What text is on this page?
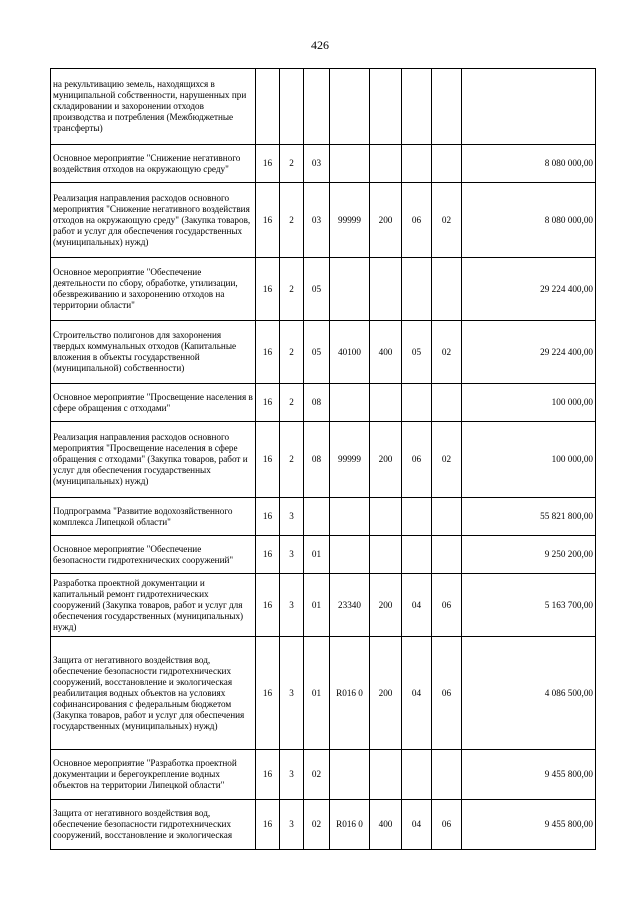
426
на рекультивацию земель, находящихся в муниципальной собственности, нарушенных при складировании и захоронении отходов производства и потребления (Межбюджетные трансферты)								
Основное мероприятие "Снижение негативного воздействия отходов на окружающую среду"	16	2	03					8 080 000,00
Реализация направления расходов основного мероприятия "Снижение негативного воздействия отходов на окружающую среду" (Закупка товаров, работ и услуг для обеспечения государственных (муниципальных) нужд)	16	2	03	99999	200	06	02	8 080 000,00
Основное мероприятие "Обеспечение деятельности по сбору, обработке, утилизации, обезвреживанию и захоронению отходов на территории области"	16	2	05					29 224 400,00
Строительство полигонов для захоронения твердых коммунальных отходов (Капитальные вложения в объекты государственной (муниципальной) собственности)	16	2	05	40100	400	05	02	29 224 400,00
Основное мероприятие "Просвещение населения в сфере обращения с отходами"	16	2	08					100 000,00
Реализация направления расходов основного мероприятия "Просвещение населения в сфере обращения с отходами" (Закупка товаров, работ и услуг для обеспечения государственных (муниципальных) нужд)	16	2	08	99999	200	06	02	100 000,00
Подпрограмма "Развитие водохозяйственного комплекса Липецкой области"	16	3						55 821 800,00
Основное мероприятие "Обеспечение безопасности гидротехнических сооружений"	16	3	01					9 250 200,00
Разработка проектной документации и капитальный ремонт гидротехнических сооружений (Закупка товаров, работ и услуг для обеспечения государственных (муниципальных) нужд)	16	3	01	23340	200	04	06	5 163 700,00
Защита от негативного воздействия вод, обеспечение безопасности гидротехнических сооружений, восстановление и экологическая реабилитация водных объектов на условиях софинансирования с федеральным бюджетом (Закупка товаров, работ и услуг для обеспечения государственных (муниципальных) нужд)	16	3	01	R016 0	200	04	06	4 086 500,00
Основное мероприятие "Разработка проектной документации и берегоукрепление водных объектов на территории Липецкой области"	16	3	02					9 455 800,00
Защита от негативного воздействия вод, обеспечение безопасности гидротехнических сооружений, восстановление и экологическая	16	3	02	R016 0	400	04	06	9 455 800,00
